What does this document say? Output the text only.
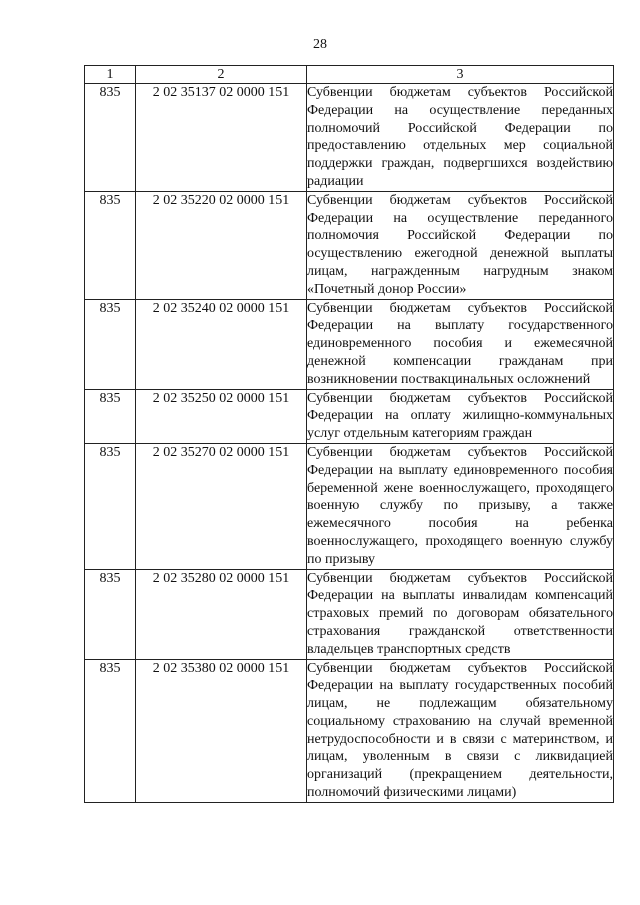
28
1	2	3
835	2 02 35137 02 0000 151	Субвенции бюджетам субъектов Российской Федерации на осуществление переданных полномочий Российской Федерации по предоставлению отдельных мер социальной поддержки граждан, подвергшихся воздействию радиации
835	2 02 35220 02 0000 151	Субвенции бюджетам субъектов Российской Федерации на осуществление переданного полномочия Российской Федерации по осуществлению ежегодной денежной выплаты лицам, награжденным нагрудным знаком «Почетный донор России»
835	2 02 35240 02 0000 151	Субвенции бюджетам субъектов Российской Федерации на выплату государственного единовременного пособия и ежемесячной денежной компенсации гражданам при возникновении поствакцинальных осложнений
835	2 02 35250 02 0000 151	Субвенции бюджетам субъектов Российской Федерации на оплату жилищно-коммунальных услуг отдельным категориям граждан
835	2 02 35270 02 0000 151	Субвенции бюджетам субъектов Российской Федерации на выплату единовременного пособия беременной жене военнослужащего, проходящего военную службу по призыву, а также ежемесячного пособия на ребенка военнослужащего, проходящего военную службу по призыву
835	2 02 35280 02 0000 151	Субвенции бюджетам субъектов Российской Федерации на выплаты инвалидам компенсаций страховых премий по договорам обязательного страхования гражданской ответственности владельцев транспортных средств
835	2 02 35380 02 0000 151	Субвенции бюджетам субъектов Российской Федерации на выплату государственных пособий лицам, не подлежащим обязательному социальному страхованию на случай временной нетрудоспособности и в связи с материнством, и лицам, уволенным в связи с ликвидацией организаций (прекращением деятельности, полномочий физическими лицами)
